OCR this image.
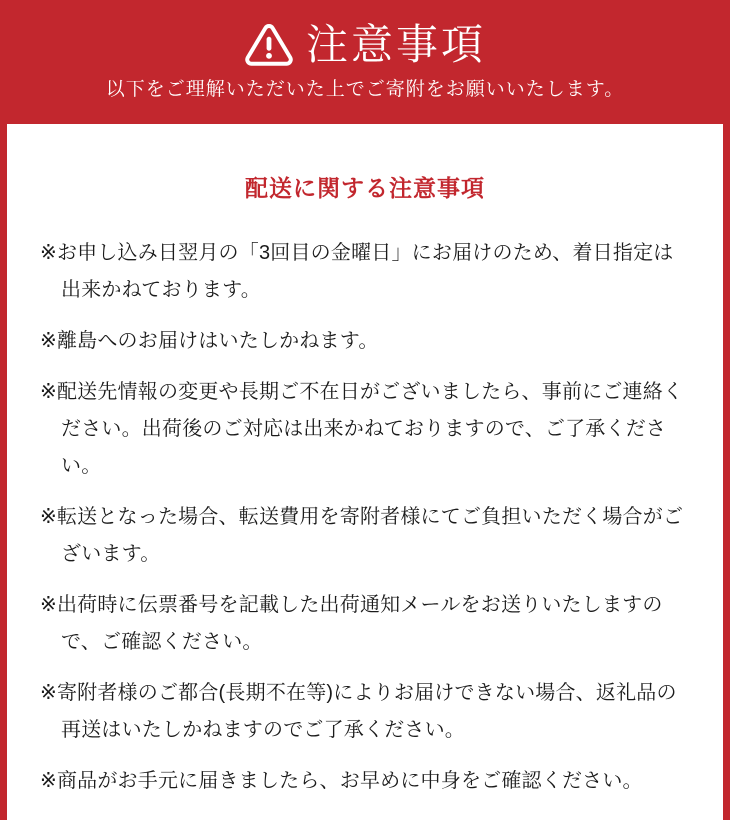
注意事項
以下をご理解いただいた上でご寄附をお願いいたします。
配送に関する注意事項
※お申し込み日翌月の「3回目の金曜日」にお届けのため、着日指定は出来かねております。
※離島へのお届けはいたしかねます。
※配送先情報の変更や長期ご不在日がございましたら、事前にご連絡ください。出荷後のご対応は出来かねておりますので、ご了承ください。
※転送となった場合、転送費用を寄附者様にてご負担いただく場合がございます。
※出荷時に伝票番号を記載した出荷通知メールをお送りいたしますので、ご確認ください。
※寄附者様のご都合(長期不在等)によりお届けできない場合、返礼品の再送はいたしかねますのでご了承ください。
※商品がお手元に届きましたら、お早めに中身をご確認ください。
